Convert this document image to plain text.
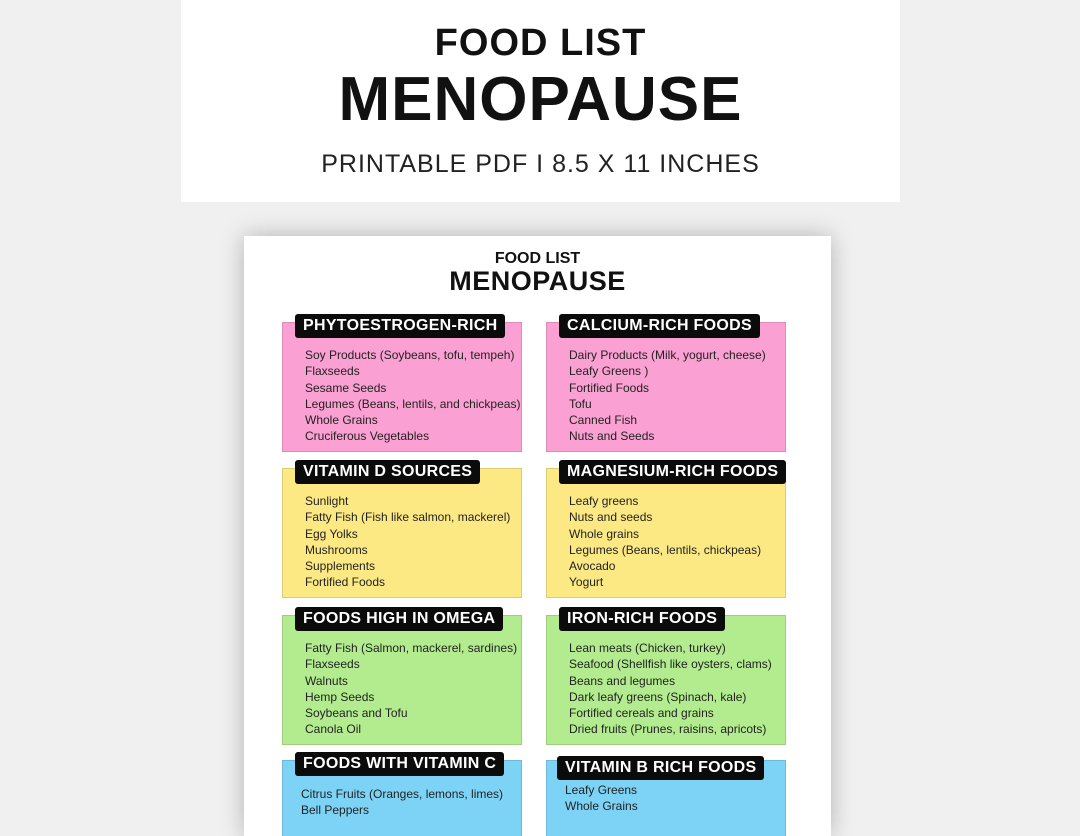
FOOD LIST
MENOPAUSE
PRINTABLE PDF I 8.5 X 11 INCHES
FOOD LIST
MENOPAUSE
PHYTOESTROGEN-RICH
Soy Products (Soybeans, tofu, tempeh)
Flaxseeds
Sesame Seeds
Legumes (Beans, lentils, and chickpeas)
Whole Grains
Cruciferous Vegetables
CALCIUM-RICH FOODS
Dairy Products (Milk, yogurt, cheese)
Leafy Greens )
Fortified Foods
Tofu
Canned Fish
Nuts and Seeds
VITAMIN D SOURCES
Sunlight
Fatty Fish (Fish like salmon, mackerel)
Egg Yolks
Mushrooms
Supplements
Fortified Foods
MAGNESIUM-RICH FOODS
Leafy greens
Nuts and seeds
Whole grains
Legumes (Beans, lentils, chickpeas)
Avocado
Yogurt
FOODS HIGH IN OMEGA
Fatty Fish (Salmon, mackerel, sardines)
Flaxseeds
Walnuts
Hemp Seeds
Soybeans and Tofu
Canola Oil
IRON-RICH FOODS
Lean meats (Chicken, turkey)
Seafood (Shellfish like oysters, clams)
Beans and legumes
Dark leafy greens (Spinach, kale)
Fortified cereals and grains
Dried fruits (Prunes, raisins, apricots)
FOODS WITH VITAMIN C
Citrus Fruits (Oranges, lemons, limes)
Bell Peppers
VITAMIN B RICH FOODS
Leafy Greens
Whole Grains
